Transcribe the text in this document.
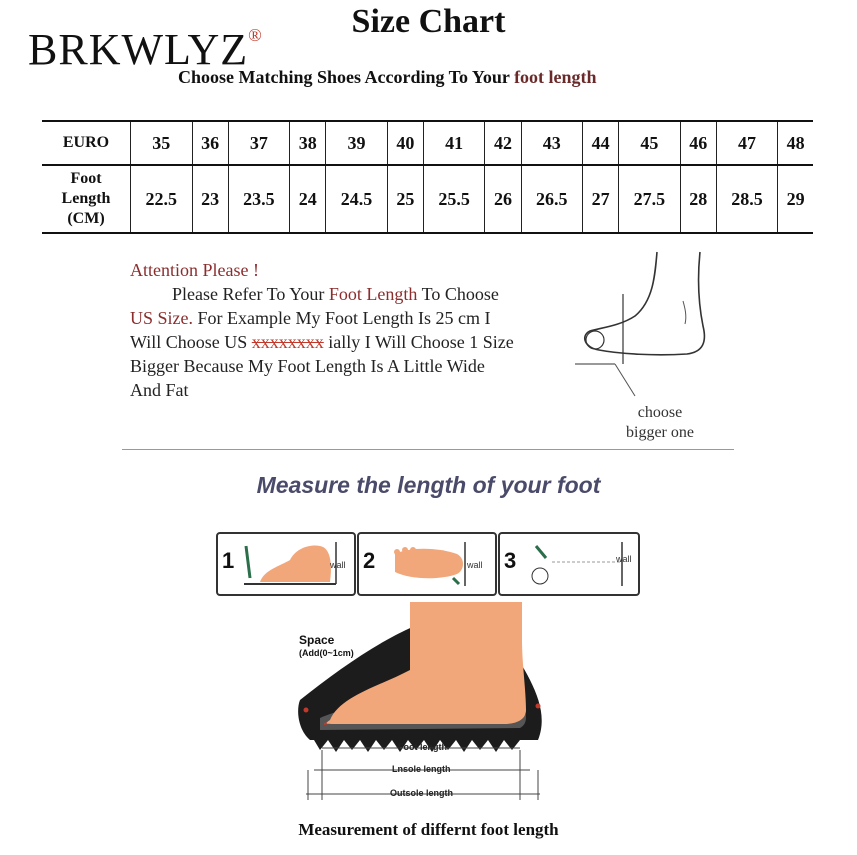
BRKWLYZ®	Size Chart
Choose Matching Shoes According To Your foot length
EURO	35	36	37	38	39	40	41	42	43	44	45	46	47	48

Foot
Length
(CM)	22.5	23	23.5	24	24.5	25	25.5	26	26.5	27	27.5	28	28.5	29

Attention Please !

Please Refer To Your Foot Length To Choose

US Size. For Example My Foot Length Is 25 cm I

Will Choose US xxxxxxxx ially I Will Choose 1 Size

Bigger Because My Foot Length Is A Little Wide

And Fat

choose
bigger one
Measure the length of your foot
1	wall 2	wall 3	wall
Space
(Add(0~1cm)
Foot length
Lnsole length
Outsole length
Measurement of differnt foot length
